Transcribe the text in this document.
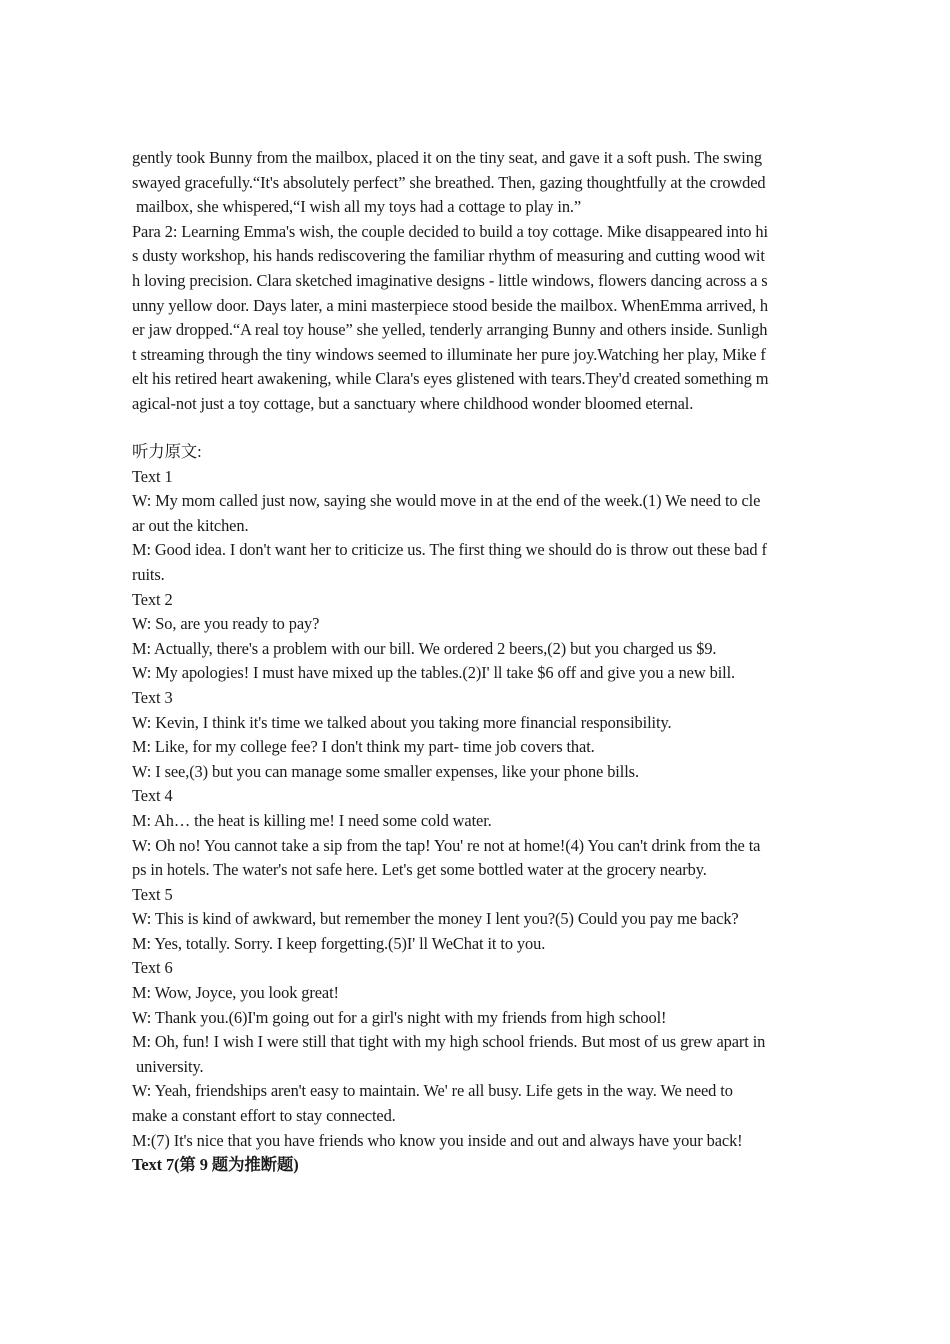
gently took Bunny from the mailbox, placed it on the tiny seat, and gave it a soft push. The swing
swayed gracefully.“It's absolutely perfect” she breathed. Then, gazing thoughtfully at the crowded
mailbox, she whispered,“I wish all my toys had a cottage to play in.”
Para 2: Learning Emma's wish, the couple decided to build a toy cottage. Mike disappeared into hi
s dusty workshop, his hands rediscovering the familiar rhythm of measuring and cutting wood wit
h loving precision. Clara sketched imaginative designs - little windows, flowers dancing across a s
unny yellow door. Days later, a mini masterpiece stood beside the mailbox. WhenEmma arrived, h
er jaw dropped.“A real toy house” she yelled, tenderly arranging Bunny and others inside. Sunligh
t streaming through the tiny windows seemed to illuminate her pure joy.Watching her play, Mike f
elt his retired heart awakening, while Clara's eyes glistened with tears.They'd created something m
agical-not just a toy cottage, but a sanctuary where childhood wonder bloomed eternal.
听力原文:
Text 1
W: My mom called just now, saying she would move in at the end of the week.(1) We need to cle
ar out the kitchen.
M: Good idea. I don't want her to criticize us. The first thing we should do is throw out these bad f
ruits.
Text 2
W: So, are you ready to pay?
M: Actually, there's a problem with our bill. We ordered 2 beers,(2) but you charged us $9.
W: My apologies! I must have mixed up the tables.(2)I' ll take $6 off and give you a new bill.
Text 3
W: Kevin, I think it's time we talked about you taking more financial responsibility.
M: Like, for my college fee? I don't think my part- time job covers that.
W: I see,(3) but you can manage some smaller expenses, like your phone bills.
Text 4
M: Ah… the heat is killing me! I need some cold water.
W: Oh no! You cannot take a sip from the tap! You' re not at home!(4) You can't drink from the ta
ps in hotels. The water's not safe here. Let's get some bottled water at the grocery nearby.
Text 5
W: This is kind of awkward, but remember the money I lent you?(5) Could you pay me back?
M: Yes, totally. Sorry. I keep forgetting.(5)I' ll WeChat it to you.
Text 6
M: Wow, Joyce, you look great!
W: Thank you.(6)I'm going out for a girl's night with my friends from high school!
M: Oh, fun! I wish I were still that tight with my high school friends. But most of us grew apart in
university.
W: Yeah, friendships aren't easy to maintain. We' re all busy. Life gets in the way. We need to
make a constant effort to stay connected.
M:(7) It's nice that you have friends who know you inside and out and always have your back!
Text 7(第 9 题为推断题)
